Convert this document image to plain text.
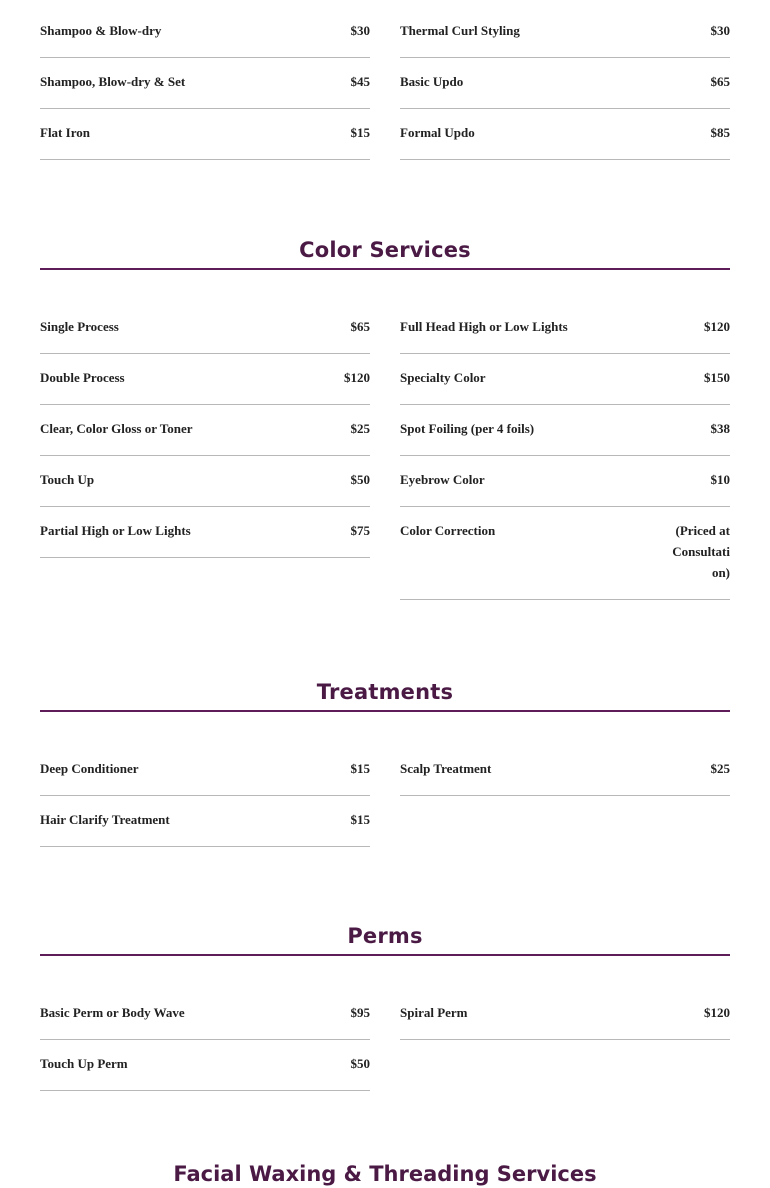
Shampoo & Blow-dry	$30
Shampoo, Blow-dry & Set	$45
Flat Iron	$15
Thermal Curl Styling	$30
Basic Updo	$65
Formal Updo	$85
Color Services
Single Process	$65
Double Process	$120
Clear, Color Gloss or Toner	$25
Touch Up	$50
Partial High or Low Lights	$75
Full Head High or Low Lights	$120
Specialty Color	$150
Spot Foiling (per 4 foils)	$38
Eyebrow Color	$10
Color Correction	(Priced at Consultation)
Treatments
Deep Conditioner	$15
Hair Clarify Treatment	$15
Scalp Treatment	$25
Perms
Basic Perm or Body Wave	$95
Touch Up Perm	$50
Spiral Perm	$120
Facial Waxing & Threading Services
